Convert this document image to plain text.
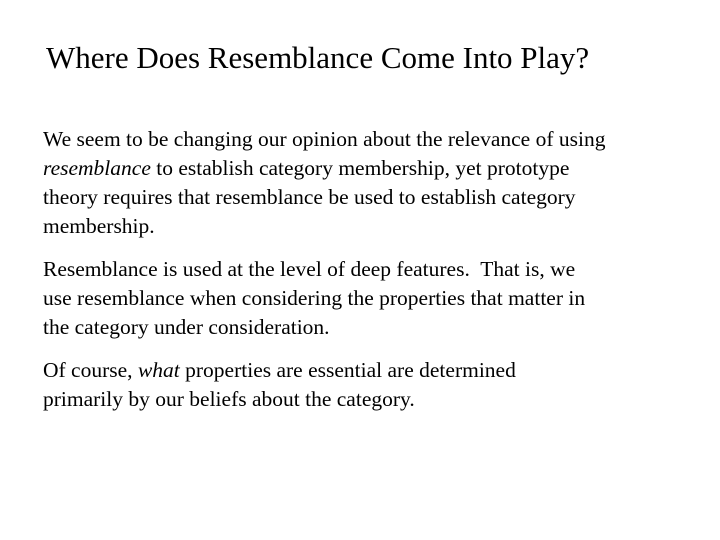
Where Does Resemblance Come Into Play?

We seem to be changing our opinion about the relevance of using
resemblance to establish category membership, yet prototype
theory requires that resemblance be used to establish category
membership.

Resemblance is used at the level of deep features.  That is, we
use resemblance when considering the properties that matter in
the category under consideration.

Of course, what properties are essential are determined
primarily by our beliefs about the category.
